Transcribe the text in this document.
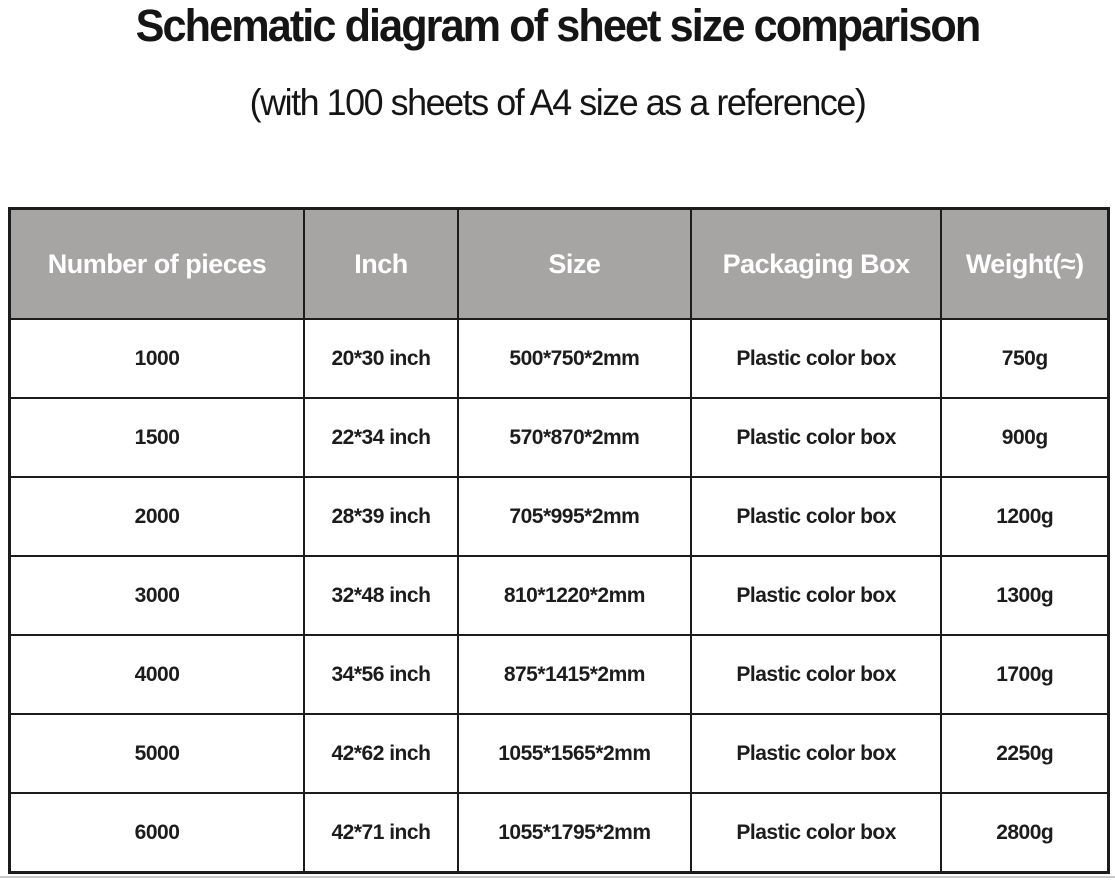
Schematic diagram of sheet size comparison
(with 100 sheets of A4 size as a reference)
Number of pieces	Inch	Size	Packaging Box	Weight(≈)
1000	20*30 inch	500*750*2mm	Plastic color box	750g
1500	22*34 inch	570*870*2mm	Plastic color box	900g
2000	28*39 inch	705*995*2mm	Plastic color box	1200g
3000	32*48 inch	810*1220*2mm	Plastic color box	1300g
4000	34*56 inch	875*1415*2mm	Plastic color box	1700g
5000	42*62 inch	1055*1565*2mm	Plastic color box	2250g
6000	42*71 inch	1055*1795*2mm	Plastic color box	2800g
